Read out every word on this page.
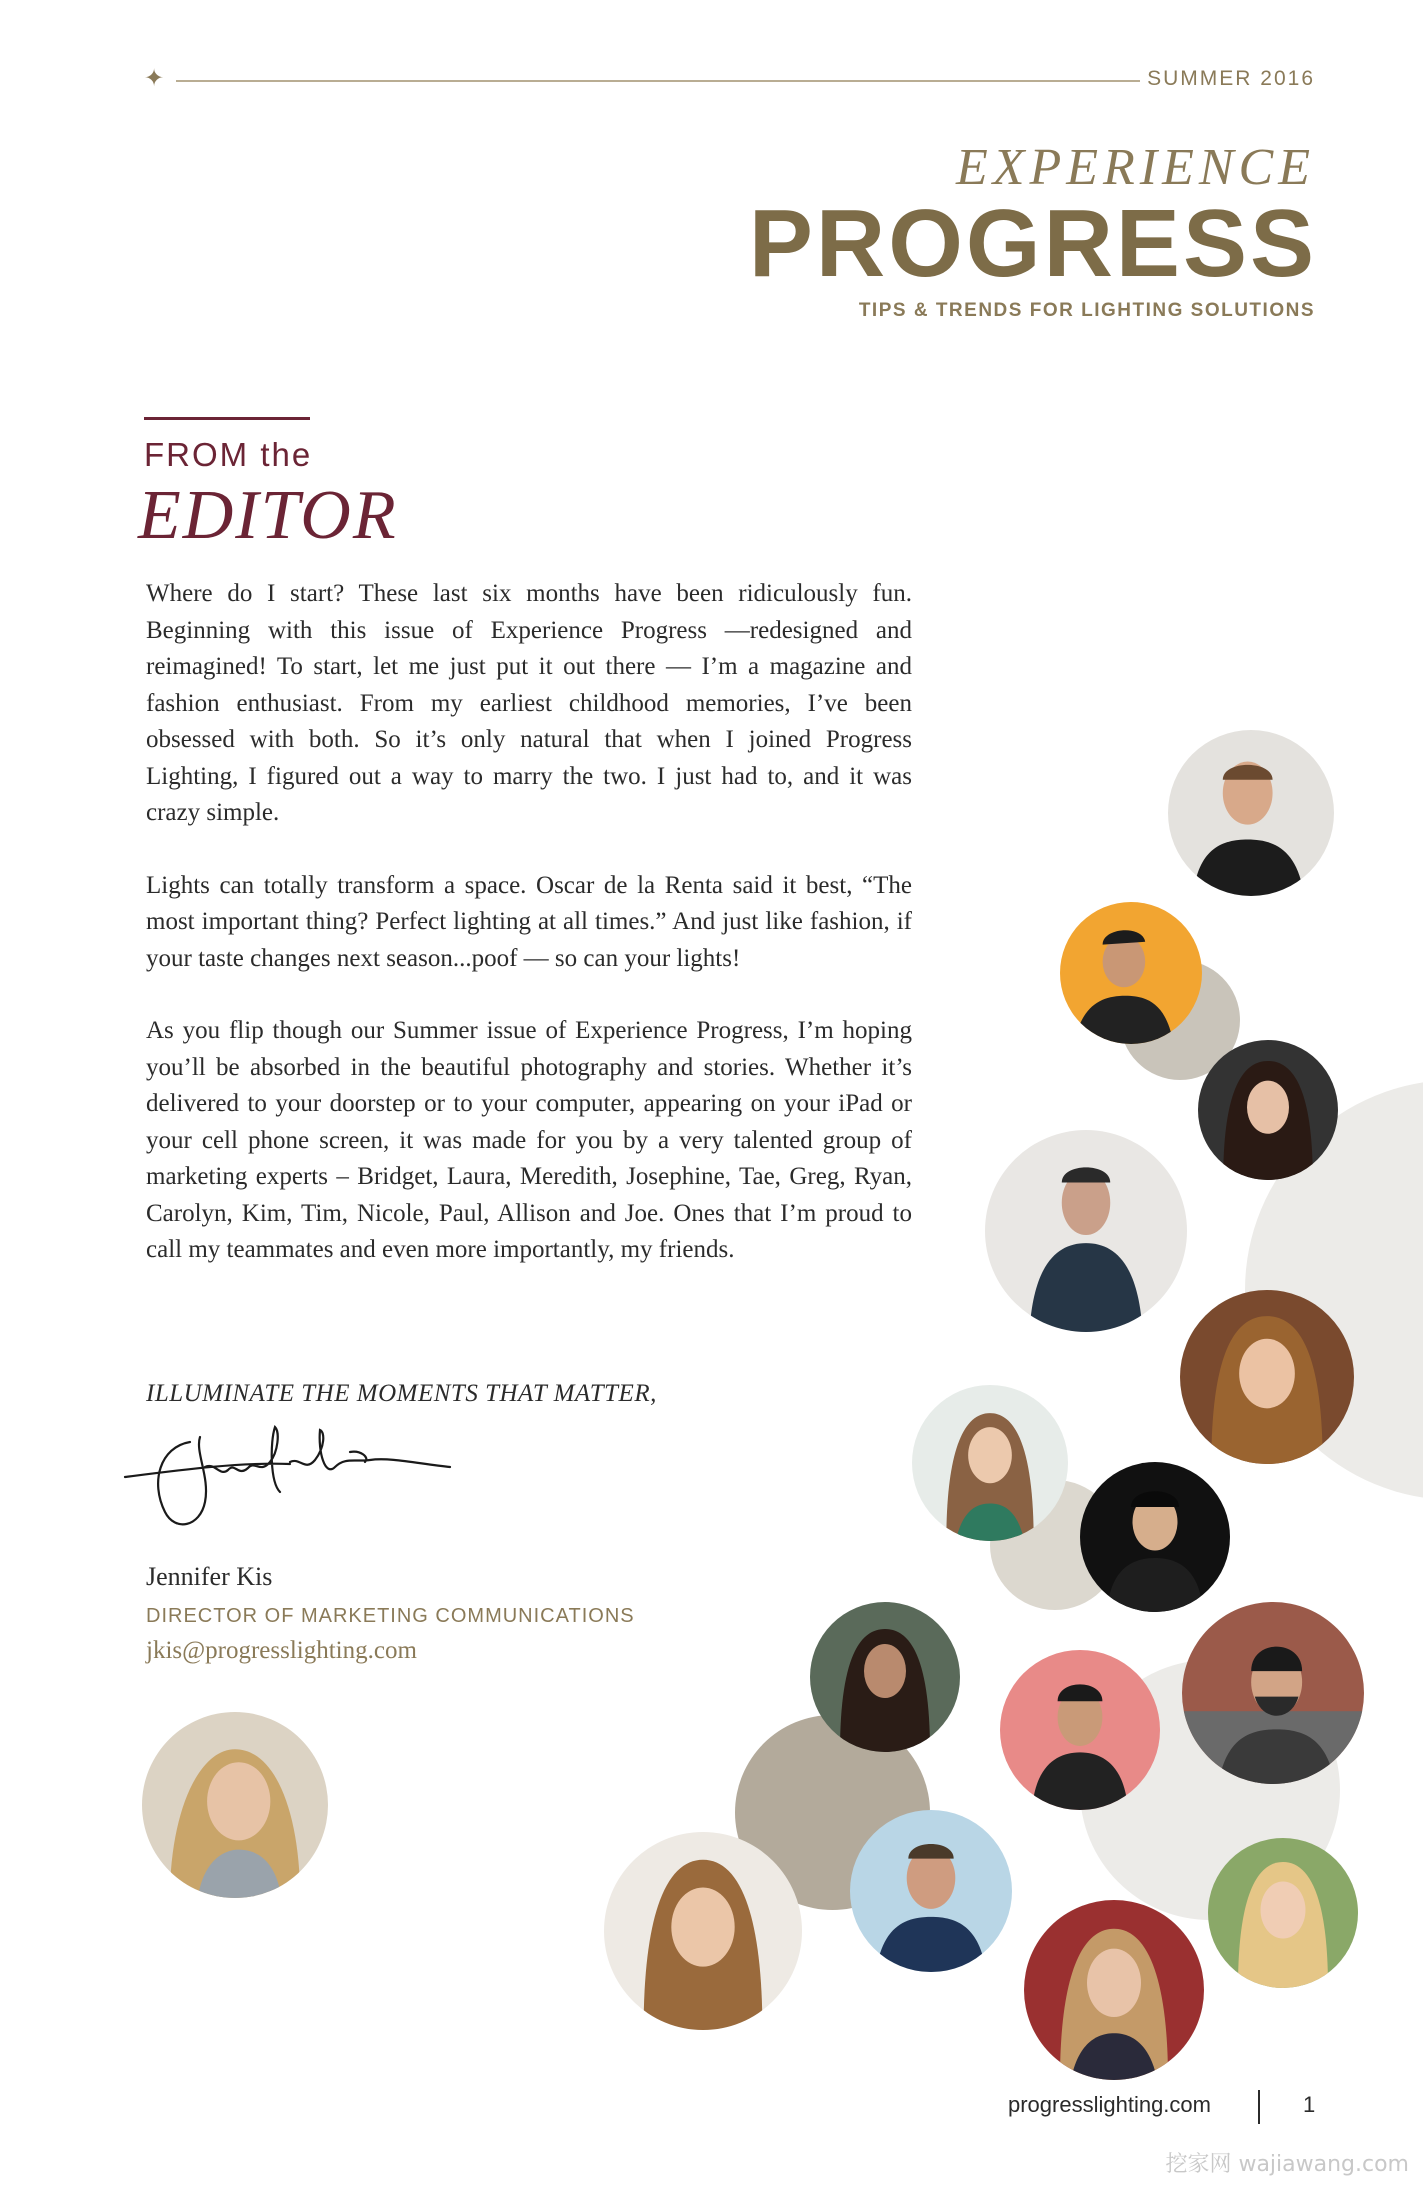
✦	SUMMER 2016
EXPERIENCE
PROGRESS
TIPS & TRENDS FOR LIGHTING SOLUTIONS
FROM the
EDITOR

Where do I start? These last six months have been ridiculously fun. Beginning with this issue of Experience Progress —redesigned and reimagined! To start, let me just put it out there — I’m a magazine and fashion enthusiast. From my earliest childhood memories, I’ve been obsessed with both. So it’s only natural that when I joined Progress Lighting, I figured out a way to marry the two. I just had to, and it was crazy simple.

Lights can totally transform a space. Oscar de la Renta said it best, “The most important thing? Perfect lighting at all times.” And just like fashion, if your taste changes next season...poof — so can your lights!

As you flip though our Summer issue of Experience Progress, I’m hoping you’ll be absorbed in the beautiful photography and stories. Whether it’s delivered to your doorstep or to your computer, appearing on your iPad or your cell phone screen, it was made for you by a very talented group of marketing experts – Bridget, Laura, Meredith, Josephine, Tae, Greg, Ryan, Carolyn, Kim, Tim, Nicole, Paul, Allison and Joe. Ones that I’m proud to call my teammates and even more importantly, my friends.

ILLUMINATE THE MOMENTS THAT MATTER,
Jennifer Kis
DIRECTOR OF MARKETING COMMUNICATIONS
jkis@progresslighting.com
progresslighting.com	1
挖家网 wajiawang.com
